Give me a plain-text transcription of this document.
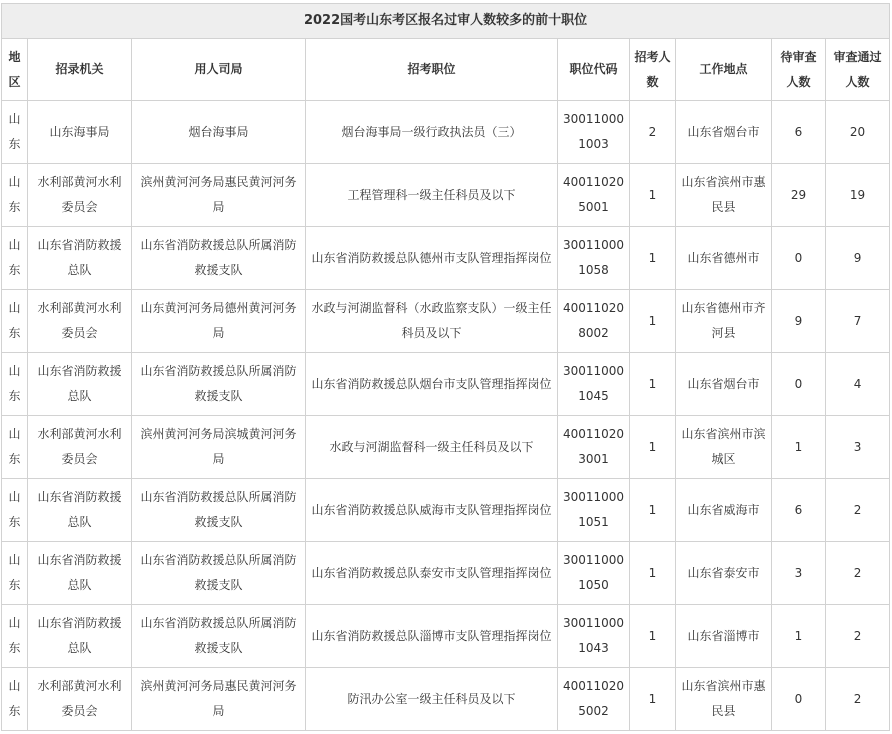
2022国考山东考区报名过审人数较多的前十职位								
地区	招录机关	用人司局	招考职位	职位代码	招考人数	工作地点	待审查人数	审查通过人数
山东	山东海事局	烟台海事局	烟台海事局一级行政执法员（三）	300110001003	2	山东省烟台市	6	20
山东	水利部黄河水利委员会	滨州黄河河务局惠民黄河河务局	工程管理科一级主任科员及以下	400110205001	1	山东省滨州市惠民县	29	19
山东	山东省消防救援总队	山东省消防救援总队所属消防救援支队	山东省消防救援总队德州市支队管理指挥岗位	300110001058	1	山东省德州市	0	9
山东	水利部黄河水利委员会	山东黄河河务局德州黄河河务局	水政与河湖监督科（水政监察支队）一级主任科员及以下	400110208002	1	山东省德州市齐河县	9	7
山东	山东省消防救援总队	山东省消防救援总队所属消防救援支队	山东省消防救援总队烟台市支队管理指挥岗位	300110001045	1	山东省烟台市	0	4
山东	水利部黄河水利委员会	滨州黄河河务局滨城黄河河务局	水政与河湖监督科一级主任科员及以下	400110203001	1	山东省滨州市滨城区	1	3
山东	山东省消防救援总队	山东省消防救援总队所属消防救援支队	山东省消防救援总队威海市支队管理指挥岗位	300110001051	1	山东省威海市	6	2
山东	山东省消防救援总队	山东省消防救援总队所属消防救援支队	山东省消防救援总队泰安市支队管理指挥岗位	300110001050	1	山东省泰安市	3	2
山东	山东省消防救援总队	山东省消防救援总队所属消防救援支队	山东省消防救援总队淄博市支队管理指挥岗位	300110001043	1	山东省淄博市	1	2
山东	水利部黄河水利委员会	滨州黄河河务局惠民黄河河务局	防汛办公室一级主任科员及以下	400110205002	1	山东省滨州市惠民县	0	2
